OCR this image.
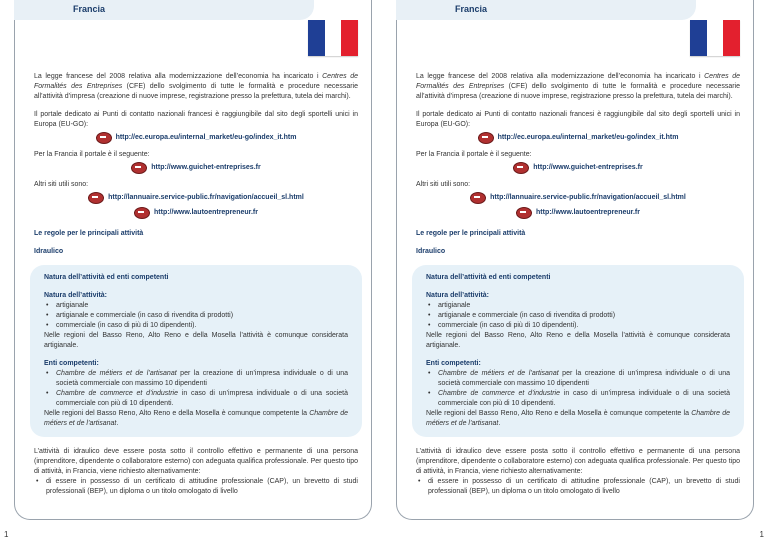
Francia

La legge francese del 2008 relativa alla modernizzazione dell’economia ha incaricato i Centres de Formalités des Entreprises (CFE) dello svolgimento di tutte le formalità e procedure necessarie all’attività d’impresa (creazione di nuove imprese, registrazione presso la prefettura, tutela dei marchi).

Il portale dedicato ai Punti di contatto nazionali francesi è raggiungibile dal sito degli sportelli unici in Europa (EU-GO):

http://ec.europa.eu/internal_market/eu-go/index_it.htm

Per la Francia il portale è il seguente:

http://www.guichet-entreprises.fr

Altri siti utili sono:

http://lannuaire.service-public.fr/navigation/accueil_sl.html
http://www.lautoentrepreneur.fr
Le regole per le principali attività
Idraulico
Natura dell’attività ed enti competenti
Natura dell’attività:
• artigianale
• artigianale e commerciale (in caso di rivendita di prodotti)
• commerciale (in caso di più di 10 dipendenti).

Nelle regioni del Basso Reno, Alto Reno e della Mosella l’attività è comunque considerata artigianale.

Enti competenti:
• Chambre de métiers et de l’artisanat per la creazione di un’impresa individuale o di una società commerciale con massimo 10 dipendenti
• Chambre de commerce et d’industrie in caso di un’impresa individuale o di una società commerciale con più di 10 dipendenti.

Nelle regioni del Basso Reno, Alto Reno e della Mosella è comunque competente la Chambre de métiers et de l’artisanat.

L’attività di idraulico deve essere posta sotto il controllo effettivo e permanente di una persona (imprenditore, dipendente o collaboratore esterno) con adeguata qualifica professionale. Per questo tipo di attività, in Francia, viene richiesto alternativamente:

• di essere in possesso di un certificato di attitudine professionale (CAP), un brevetto di studi professionali (BEP), un diploma o un titolo omologato di livello
1
Francia

La legge francese del 2008 relativa alla modernizzazione dell’economia ha incaricato i Centres de Formalités des Entreprises (CFE) dello svolgimento di tutte le formalità e procedure necessarie all’attività d’impresa (creazione di nuove imprese, registrazione presso la prefettura, tutela dei marchi).

Il portale dedicato ai Punti di contatto nazionali francesi è raggiungibile dal sito degli sportelli unici in Europa (EU-GO):

http://ec.europa.eu/internal_market/eu-go/index_it.htm

Per la Francia il portale è il seguente:

http://www.guichet-entreprises.fr

Altri siti utili sono:

http://lannuaire.service-public.fr/navigation/accueil_sl.html
http://www.lautoentrepreneur.fr
Le regole per le principali attività
Idraulico
Natura dell’attività ed enti competenti
Natura dell’attività:
• artigianale
• artigianale e commerciale (in caso di rivendita di prodotti)
• commerciale (in caso di più di 10 dipendenti).

Nelle regioni del Basso Reno, Alto Reno e della Mosella l’attività è comunque considerata artigianale.

Enti competenti:
• Chambre de métiers et de l’artisanat per la creazione di un’impresa individuale o di una società commerciale con massimo 10 dipendenti
• Chambre de commerce et d’industrie in caso di un’impresa individuale o di una società commerciale con più di 10 dipendenti.

Nelle regioni del Basso Reno, Alto Reno e della Mosella è comunque competente la Chambre de métiers et de l’artisanat.

L’attività di idraulico deve essere posta sotto il controllo effettivo e permanente di una persona (imprenditore, dipendente o collaboratore esterno) con adeguata qualifica professionale. Per questo tipo di attività, in Francia, viene richiesto alternativamente:

• di essere in possesso di un certificato di attitudine professionale (CAP), un brevetto di studi professionali (BEP), un diploma o un titolo omologato di livello
1
